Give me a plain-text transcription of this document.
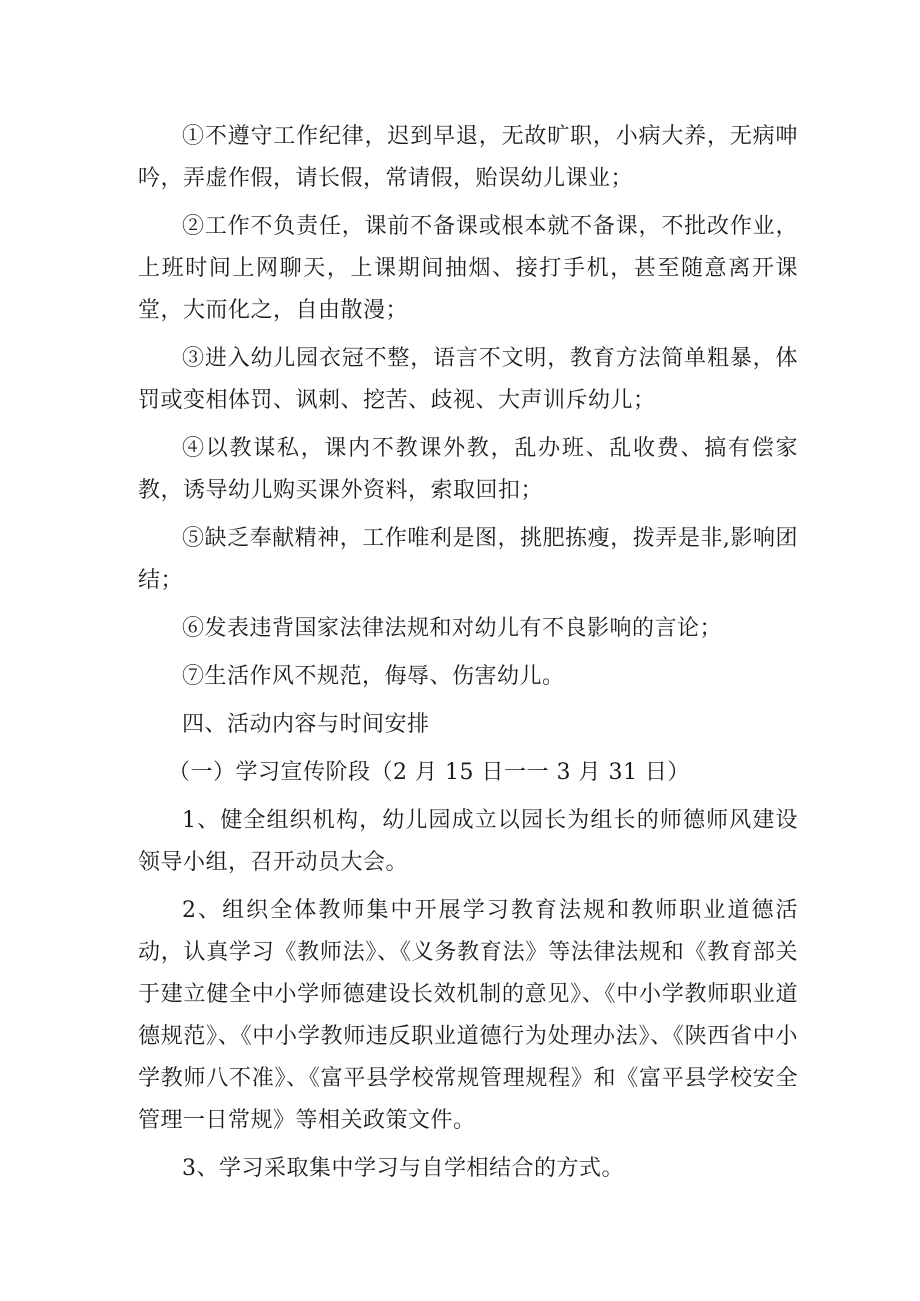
①不遵守工作纪律，迟到早退，无故旷职，小病大养，无病呻吟，弄虚作假，请长假，常请假，贻误幼儿课业；

②工作不负责任，课前不备课或根本就不备课，不批改作业，上班时间上网聊天，上课期间抽烟、接打手机，甚至随意离开课堂，大而化之，自由散漫；

③进入幼儿园衣冠不整，语言不文明，教育方法简单粗暴，体罚或变相体罚、讽刺、挖苦、歧视、大声训斥幼儿；

④以教谋私，课内不教课外教，乱办班、乱收费、搞有偿家教，诱导幼儿购买课外资料，索取回扣；

⑤缺乏奉献精神，工作唯利是图，挑肥拣瘦，拨弄是非,影响团结；

⑥发表违背国家法律法规和对幼儿有不良影响的言论；

⑦生活作风不规范，侮辱、伤害幼儿。

四、活动内容与时间安排

（一）学习宣传阶段（2 月 15 日一一 3 月 31 日）

1、健全组织机构，幼儿园成立以园长为组长的师德师风建设领导小组，召开动员大会。

2、组织全体教师集中开展学习教育法规和教师职业道德活动，认真学习《教师法》、《义务教育法》等法律法规和《教育部关于建立健全中小学师德建设长效机制的意见》、《中小学教师职业道德规范》、《中小学教师违反职业道德行为处理办法》、《陕西省中小学教师八不准》、《富平县学校常规管理规程》和《富平县学校安全管理一日常规》等相关政策文件。

3、学习采取集中学习与自学相结合的方式。
